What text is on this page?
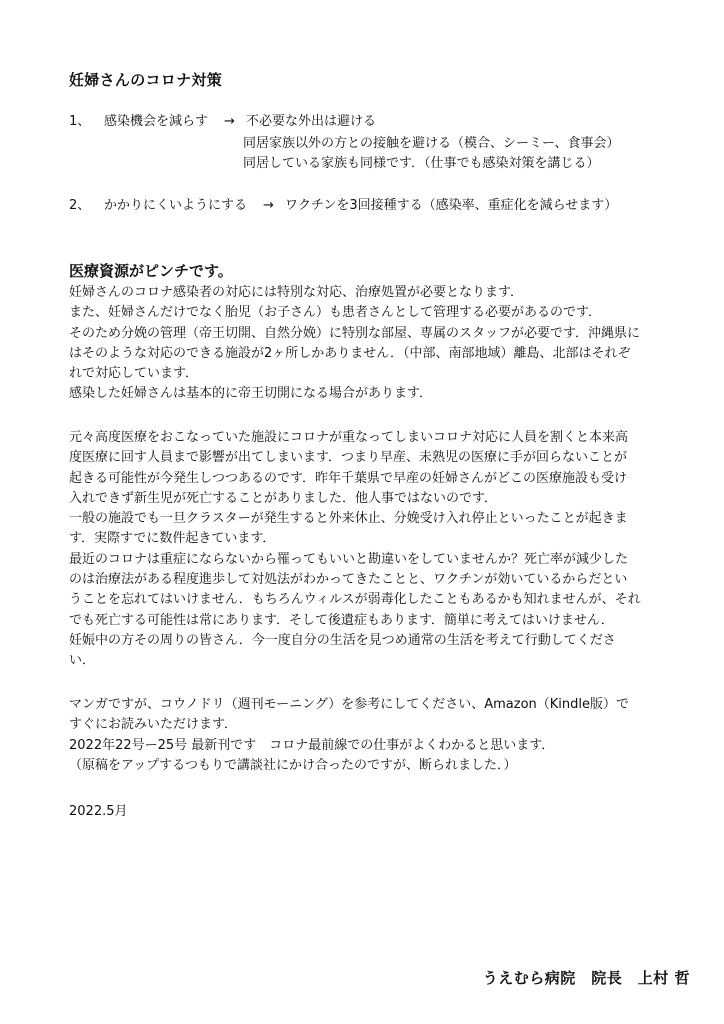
妊婦さんのコロナ対策
1、 感染機会を減らす → 不必要な外出は避ける
同居家族以外の方との接触を避ける（模合、シーミー、食事会）
同居している家族も同様です．（仕事でも感染対策を講じる）
2、 かかりにくいようにする → ワクチンを3回接種する（感染率、重症化を減らせます）
医療資源がピンチです。

妊婦さんのコロナ感染者の対応には特別な対応、治療処置が必要となります．

また、妊婦さんだけでなく胎児（お子さん）も患者さんとして管理する必要があるのです．

そのため分娩の管理（帝王切開、自然分娩）に特別な部屋、専属のスタッフが必要です．沖縄県に

はそのような対応のできる施設が2ヶ所しかありません．（中部、南部地域）離島、北部はそれぞ

れで対応しています．

感染した妊婦さんは基本的に帝王切開になる場合があります．

元々高度医療をおこなっていた施設にコロナが重なってしまいコロナ対応に人員を割くと本来高

度医療に回す人員まで影響が出てしまいます．つまり早産、未熟児の医療に手が回らないことが

起きる可能性が今発生しつつあるのです．昨年千葉県で早産の妊婦さんがどこの医療施設も受け

入れできず新生児が死亡することがありました．他人事ではないのです．

一般の施設でも一旦クラスターが発生すると外来休止、分娩受け入れ停止といったことが起きま

す．実際すでに数件起きています．

最近のコロナは重症にならないから罹ってもいいと勘違いをしていませんか？死亡率が減少した

のは治療法がある程度進歩して対処法がわかってきたことと、ワクチンが効いているからだとい

うことを忘れてはいけません．もちろんウィルスが弱毒化したこともあるかも知れませんが、それ

でも死亡する可能性は常にあります．そして後遺症もあります．簡単に考えてはいけません．

妊娠中の方その周りの皆さん．今一度自分の生活を見つめ通常の生活を考えて行動してくださ

い．

マンガですが、コウノドリ（週刊モーニング）を参考にしてください、Amazon（Kindle版）で

すぐにお読みいただけます．

2022年22号ー25号 最新刊です　コロナ最前線での仕事がよくわかると思います．

（原稿をアップするつもりで講談社にかけ合ったのですが、断られました．）

2022.5月
うえむら病院　院長　上村 哲
